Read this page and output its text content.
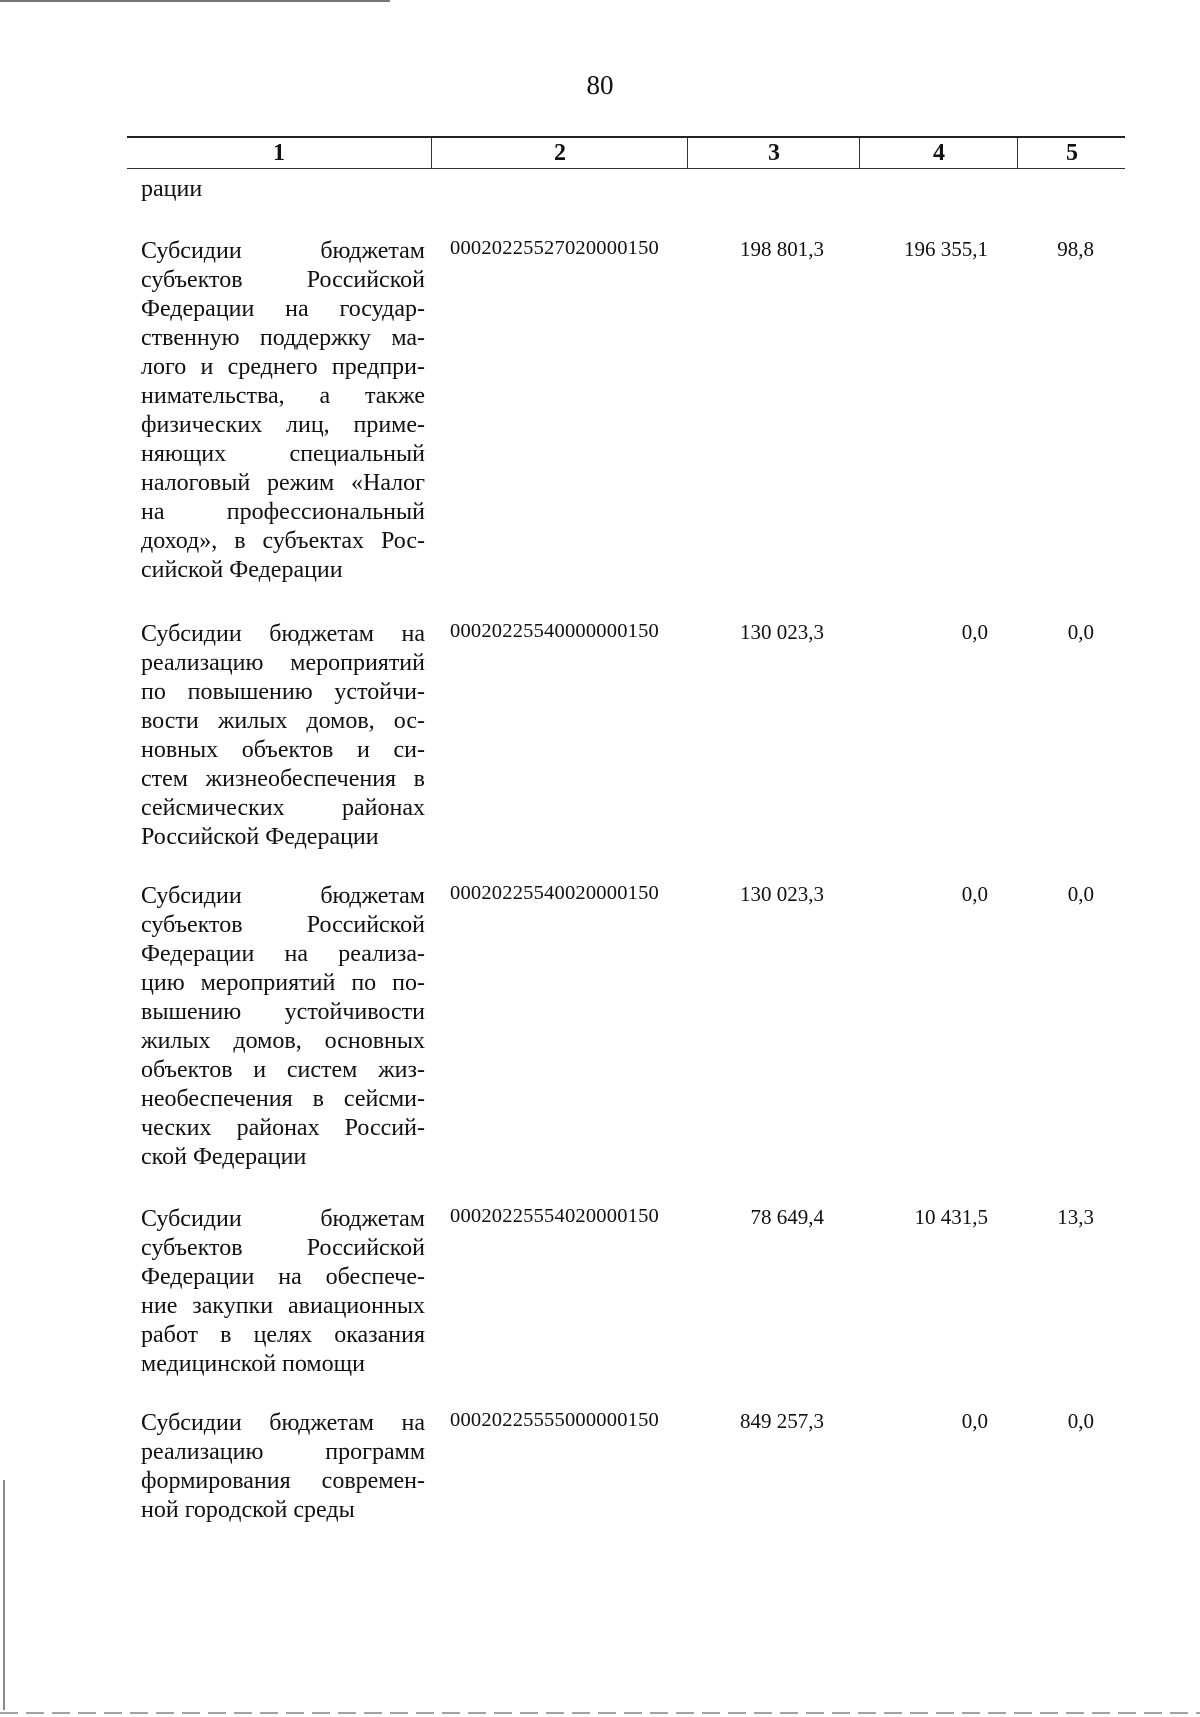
80
1	2	3	4	5
рации
Субсидии бюджетам
субъектов Российской
Федерации на государ-
ственную поддержку ма-
лого и среднего предпри-
нимательства, а также
физических лиц, приме-
няющих специальный
налоговый режим «Налог
на профессиональный
доход», в субъектах Рос-
сийской Федерации
00020225527020000150	198 801,3	196 355,1	98,8
Субсидии бюджетам на
реализацию мероприятий
по повышению устойчи-
вости жилых домов, ос-
новных объектов и си-
стем жизнеобеспечения в
сейсмических районах
Российской Федерации
00020225540000000150	130 023,3	0,0	0,0
Субсидии бюджетам
субъектов Российской
Федерации на реализа-
цию мероприятий по по-
вышению устойчивости
жилых домов, основных
объектов и систем жиз-
необеспечения в сейсми-
ческих районах Россий-
ской Федерации
00020225540020000150	130 023,3	0,0	0,0
Субсидии бюджетам
субъектов Российской
Федерации на обеспече-
ние закупки авиационных
работ в целях оказания
медицинской помощи
00020225554020000150	78 649,4	10 431,5	13,3
Субсидии бюджетам на
реализацию программ
формирования современ-
ной городской среды
00020225555000000150	849 257,3	0,0	0,0
